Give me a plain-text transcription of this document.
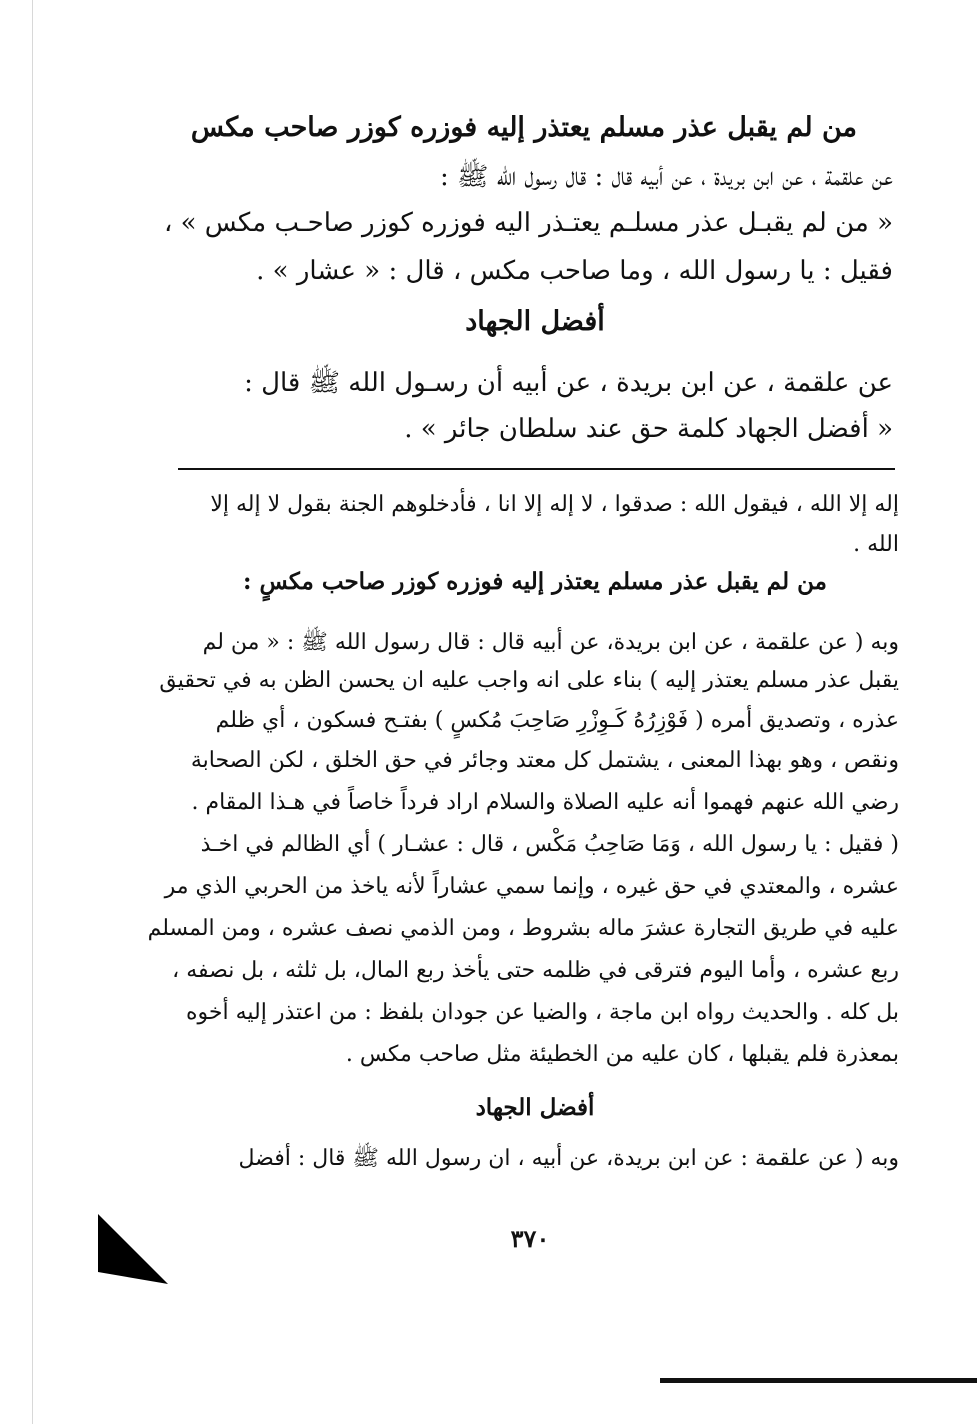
من لم يقبل عذر مسلم يعتذر إليه فوزره كوزر صاحب مكس
عن علقمة ، عن ابن بريدة ، عن أبيه قال : قال رسول الله ﷺ :
« من لم يقبـل عذر مسلـم يعتـذر اليه فوزره كوزر صاحـب مكس » ،
فقيل : يا رسول الله ، وما صاحب مكس ، قال : « عشار » .
أفضل الجهاد
عن علقمة ، عن ابن بريدة ، عن أبيه أن رسـول الله ﷺ قال :
« أفضل الجهاد كلمة حق عند سلطان جائر » .
إله إلا الله ، فيقول الله : صدقوا ، لا إله إلا انا ، فأدخلوهم الجنة بقول لا إله إلا
الله .
من لم يقبل عذر مسلم يعتذر إليه فوزره كوزر صاحب مكسٍ :
وبه ( عن علقمة ، عن ابن بريدة، عن أبيه قال : قال رسول الله ﷺ : « من لم
يقبل عذر مسلم يعتذر إليه ) بناء على انه واجب عليه ان يحسن الظن به في تحقيق
عذره ، وتصديق أمره ( فَوْزِرُهُ كَـوِزْرِ صَاحِبَ مُكسٍ ) بفتـح فسكون ، أي ظلم
ونقص ، وهو بهذا المعنى ، يشتمل كل معتد وجائر في حق الخلق ، لكن الصحابة
رضي الله عنهم فهموا أنه عليه الصلاة والسلام اراد فرداً خاصاً في هـذا المقام .
( فقيل : يا رسول الله ، وَمَا صَاحِبُ مَكْس ، قال : عشـار ) أي الظالم في اخـذ
عشره ، والمعتدي في حق غيره ، وإنما سمي عشاراً لأنه ياخذ من الحربي الذي مر
عليه في طريق التجارة عشرَ ماله بشروط ، ومن الذمي نصف عشره ، ومن المسلم
ربع عشره ، وأما اليوم فترقى في ظلمه حتى يأخذ ربع المال، بل ثلثه ، بل نصفه ،
بل كله . والحديث رواه ابن ماجة ، والضيا عن جودان بلفظ : من اعتذر إليه أخوه
بمعذرة فلم يقبلها ، كان عليه من الخطيئة مثل صاحب مكس .
أفضل الجهاد
وبه ( عن علقمة : عن ابن بريدة، عن أبيه ، ان رسول الله ﷺ قال : أفضل
٣٧٠
